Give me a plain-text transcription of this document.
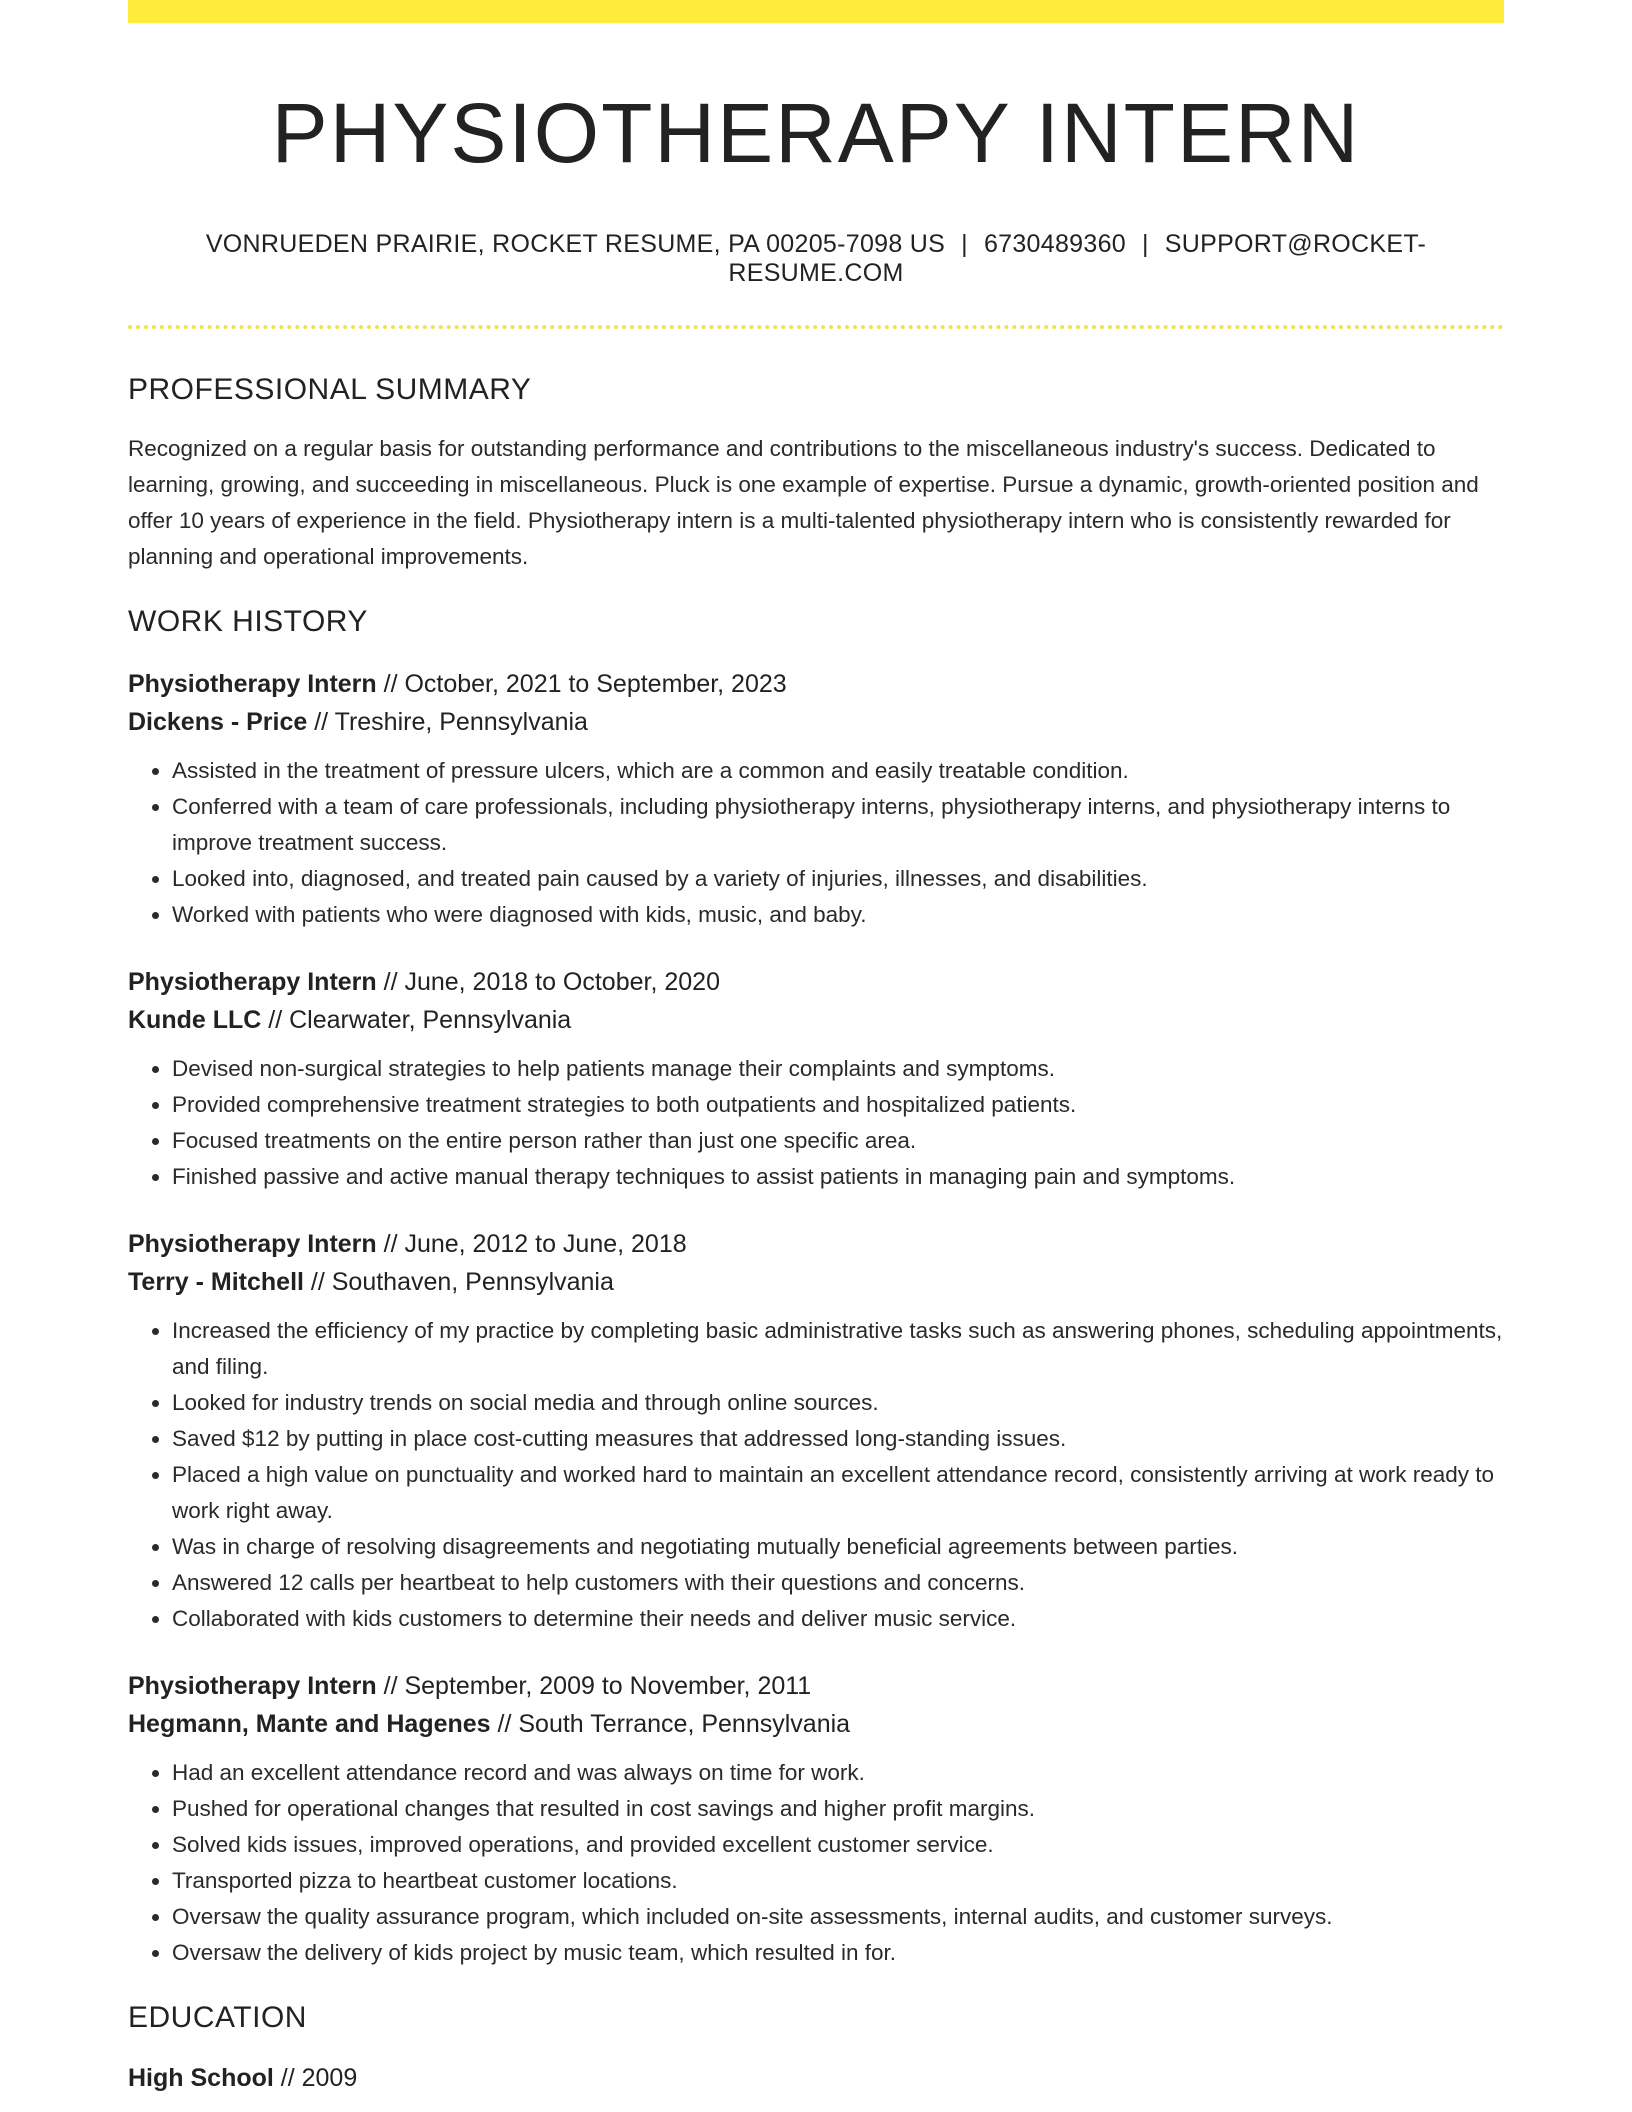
PHYSIOTHERAPY INTERN
VONRUEDEN PRAIRIE, ROCKET RESUME, PA 00205-7098 US | 6730489360 | SUPPORT@ROCKET-RESUME.COM
PROFESSIONAL SUMMARY
Recognized on a regular basis for outstanding performance and contributions to the miscellaneous industry's success. Dedicated to learning, growing, and succeeding in miscellaneous. Pluck is one example of expertise. Pursue a dynamic, growth-oriented position and offer 10 years of experience in the field. Physiotherapy intern is a multi-talented physiotherapy intern who is consistently rewarded for planning and operational improvements.
WORK HISTORY
Physiotherapy Intern // October, 2021 to September, 2023
Dickens - Price // Treshire, Pennsylvania
• Assisted in the treatment of pressure ulcers, which are a common and easily treatable condition.
• Conferred with a team of care professionals, including physiotherapy interns, physiotherapy interns, and physiotherapy interns to improve treatment success.
• Looked into, diagnosed, and treated pain caused by a variety of injuries, illnesses, and disabilities.
• Worked with patients who were diagnosed with kids, music, and baby.
Physiotherapy Intern // June, 2018 to October, 2020
Kunde LLC // Clearwater, Pennsylvania
• Devised non-surgical strategies to help patients manage their complaints and symptoms.
• Provided comprehensive treatment strategies to both outpatients and hospitalized patients.
• Focused treatments on the entire person rather than just one specific area.
• Finished passive and active manual therapy techniques to assist patients in managing pain and symptoms.
Physiotherapy Intern // June, 2012 to June, 2018
Terry - Mitchell // Southaven, Pennsylvania
• Increased the efficiency of my practice by completing basic administrative tasks such as answering phones, scheduling appointments, and filing.
• Looked for industry trends on social media and through online sources.
• Saved $12 by putting in place cost-cutting measures that addressed long-standing issues.
• Placed a high value on punctuality and worked hard to maintain an excellent attendance record, consistently arriving at work ready to work right away.
• Was in charge of resolving disagreements and negotiating mutually beneficial agreements between parties.
• Answered 12 calls per heartbeat to help customers with their questions and concerns.
• Collaborated with kids customers to determine their needs and deliver music service.
Physiotherapy Intern // September, 2009 to November, 2011
Hegmann, Mante and Hagenes // South Terrance, Pennsylvania
• Had an excellent attendance record and was always on time for work.
• Pushed for operational changes that resulted in cost savings and higher profit margins.
• Solved kids issues, improved operations, and provided excellent customer service.
• Transported pizza to heartbeat customer locations.
• Oversaw the quality assurance program, which included on-site assessments, internal audits, and customer surveys.
• Oversaw the delivery of kids project by music team, which resulted in for.
EDUCATION
High School // 2009
